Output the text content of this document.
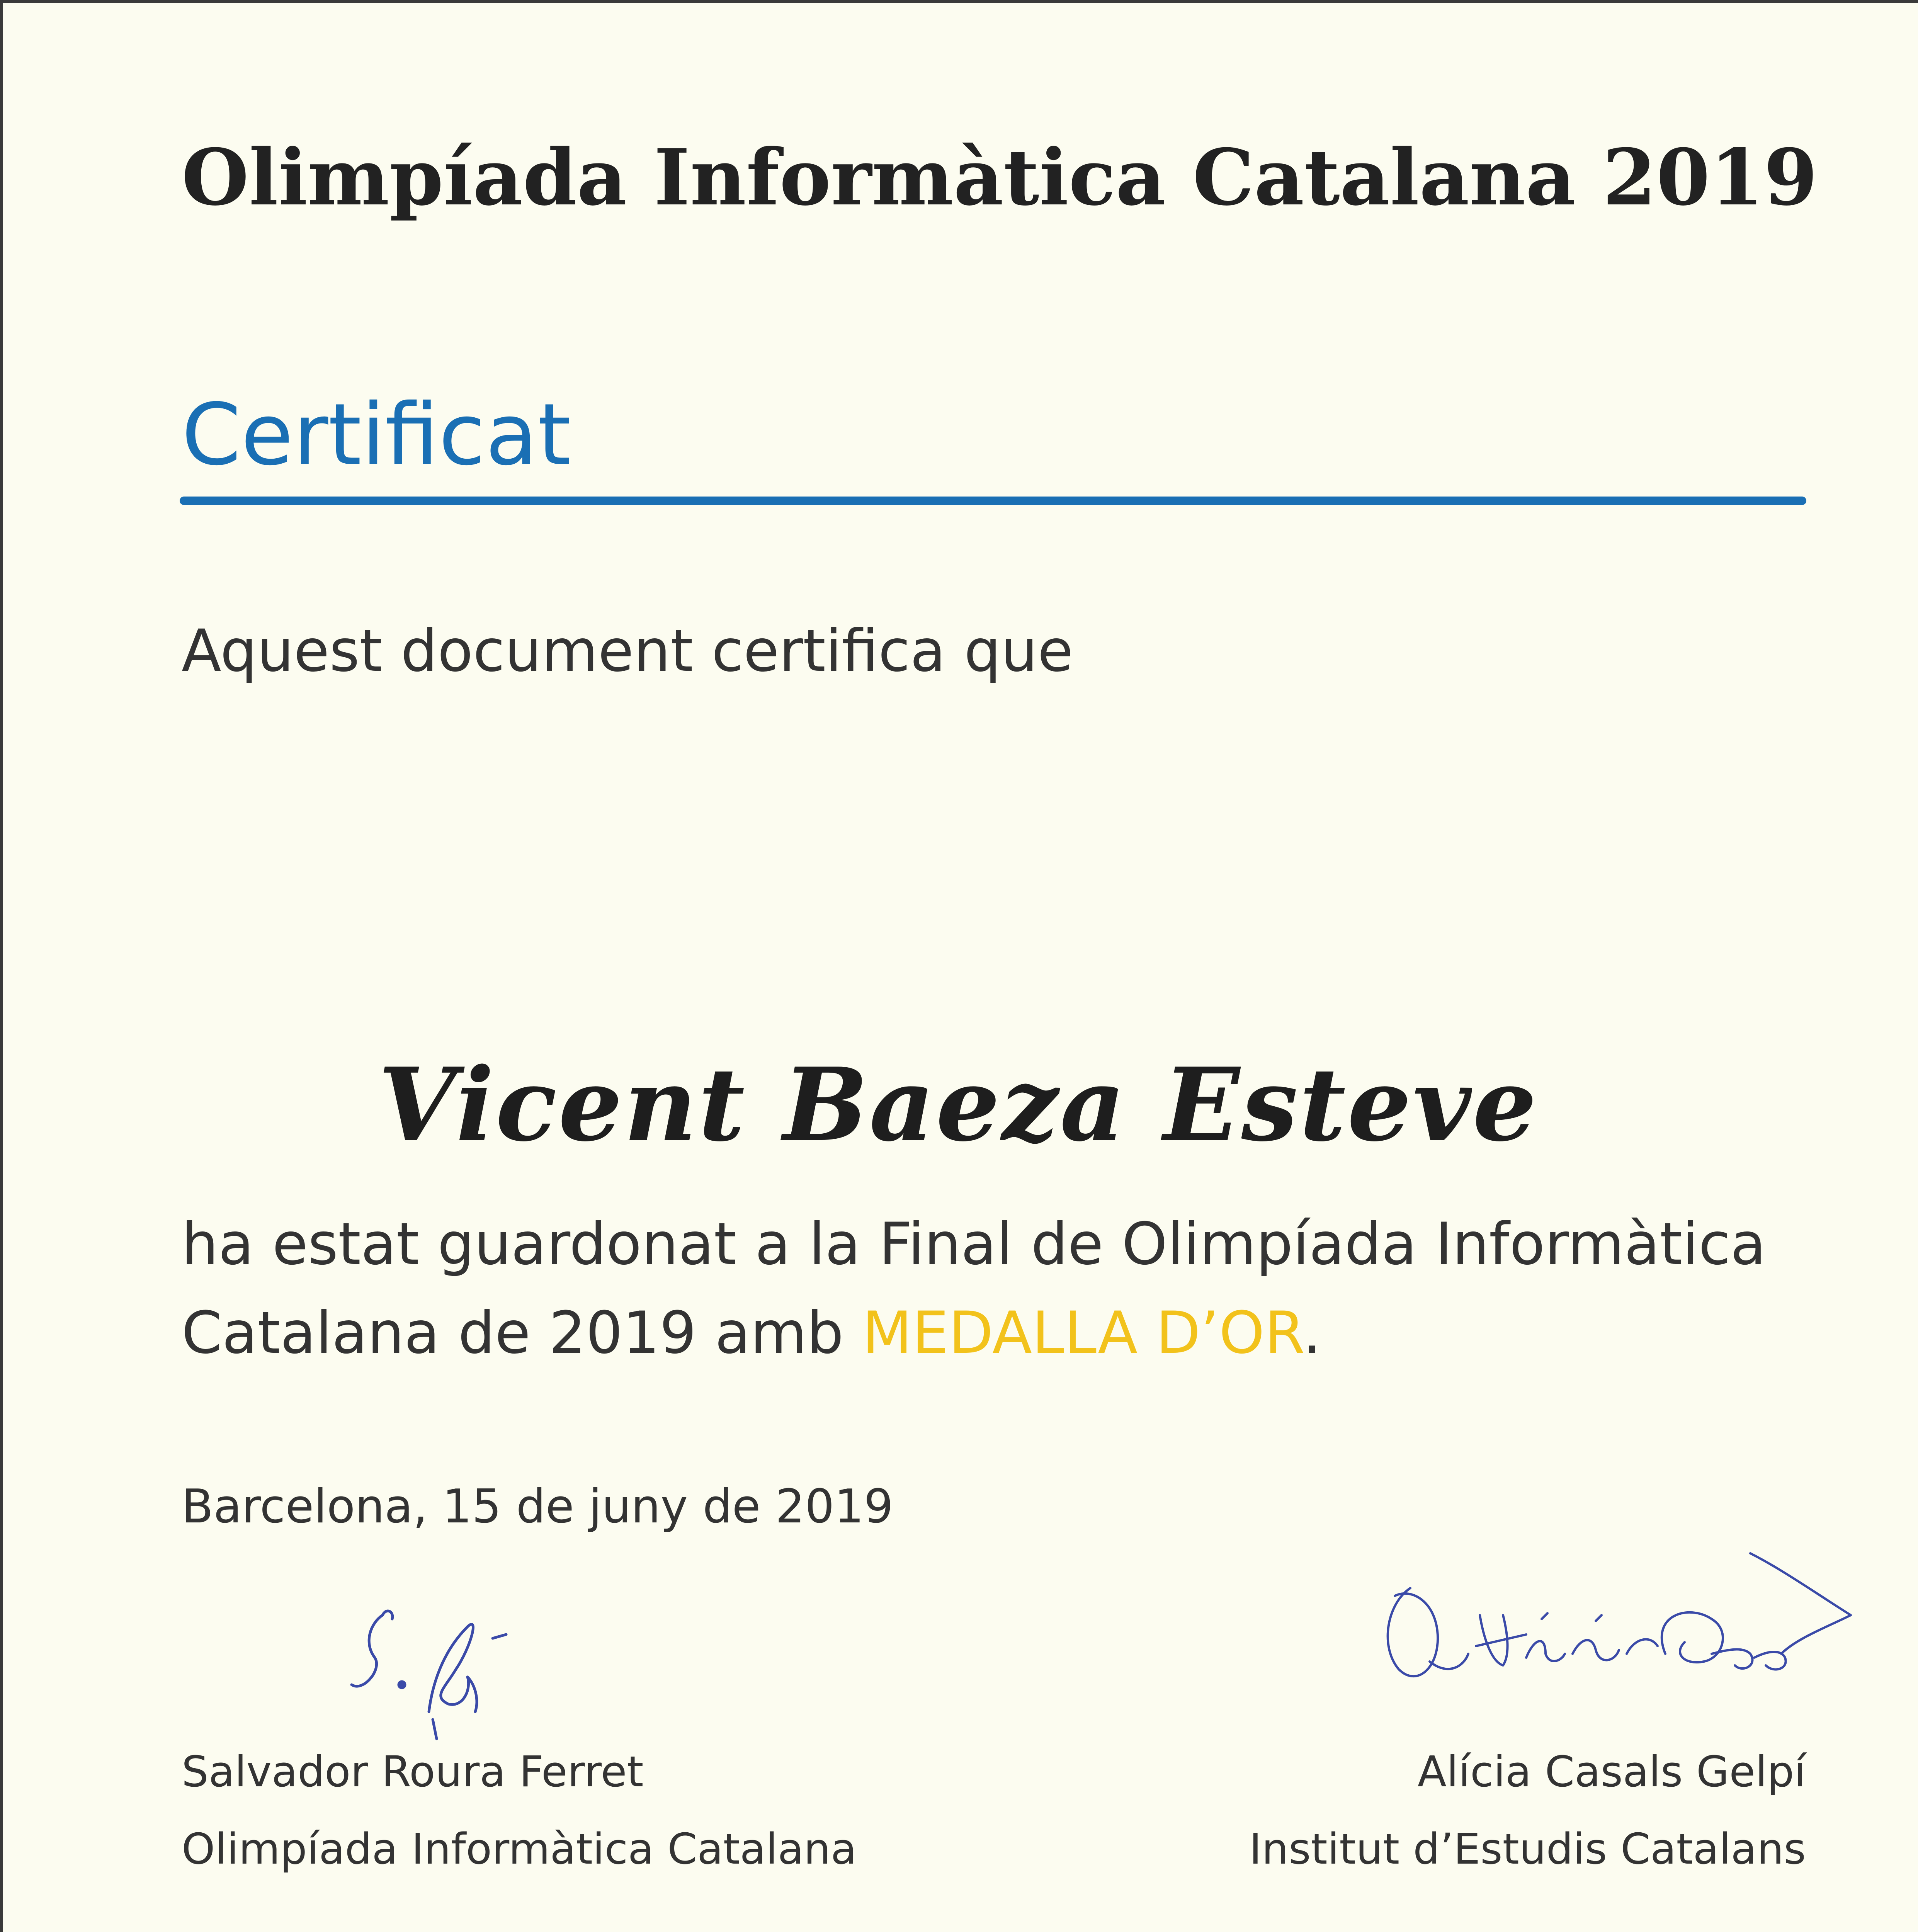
Olimpíada Informàtica Catalana 2019
Certificat
Aquest document certifica que
Vicent Baeza Esteve
ha estat guardonat a la Final de Olimpíada Informàtica
Catalana de 2019 amb MEDALLA D’OR.
Barcelona, 15 de juny de 2019
Salvador Roura Ferret
Olimpíada Informàtica Catalana
Alícia Casals Gelpí
Institut d’Estudis Catalans
